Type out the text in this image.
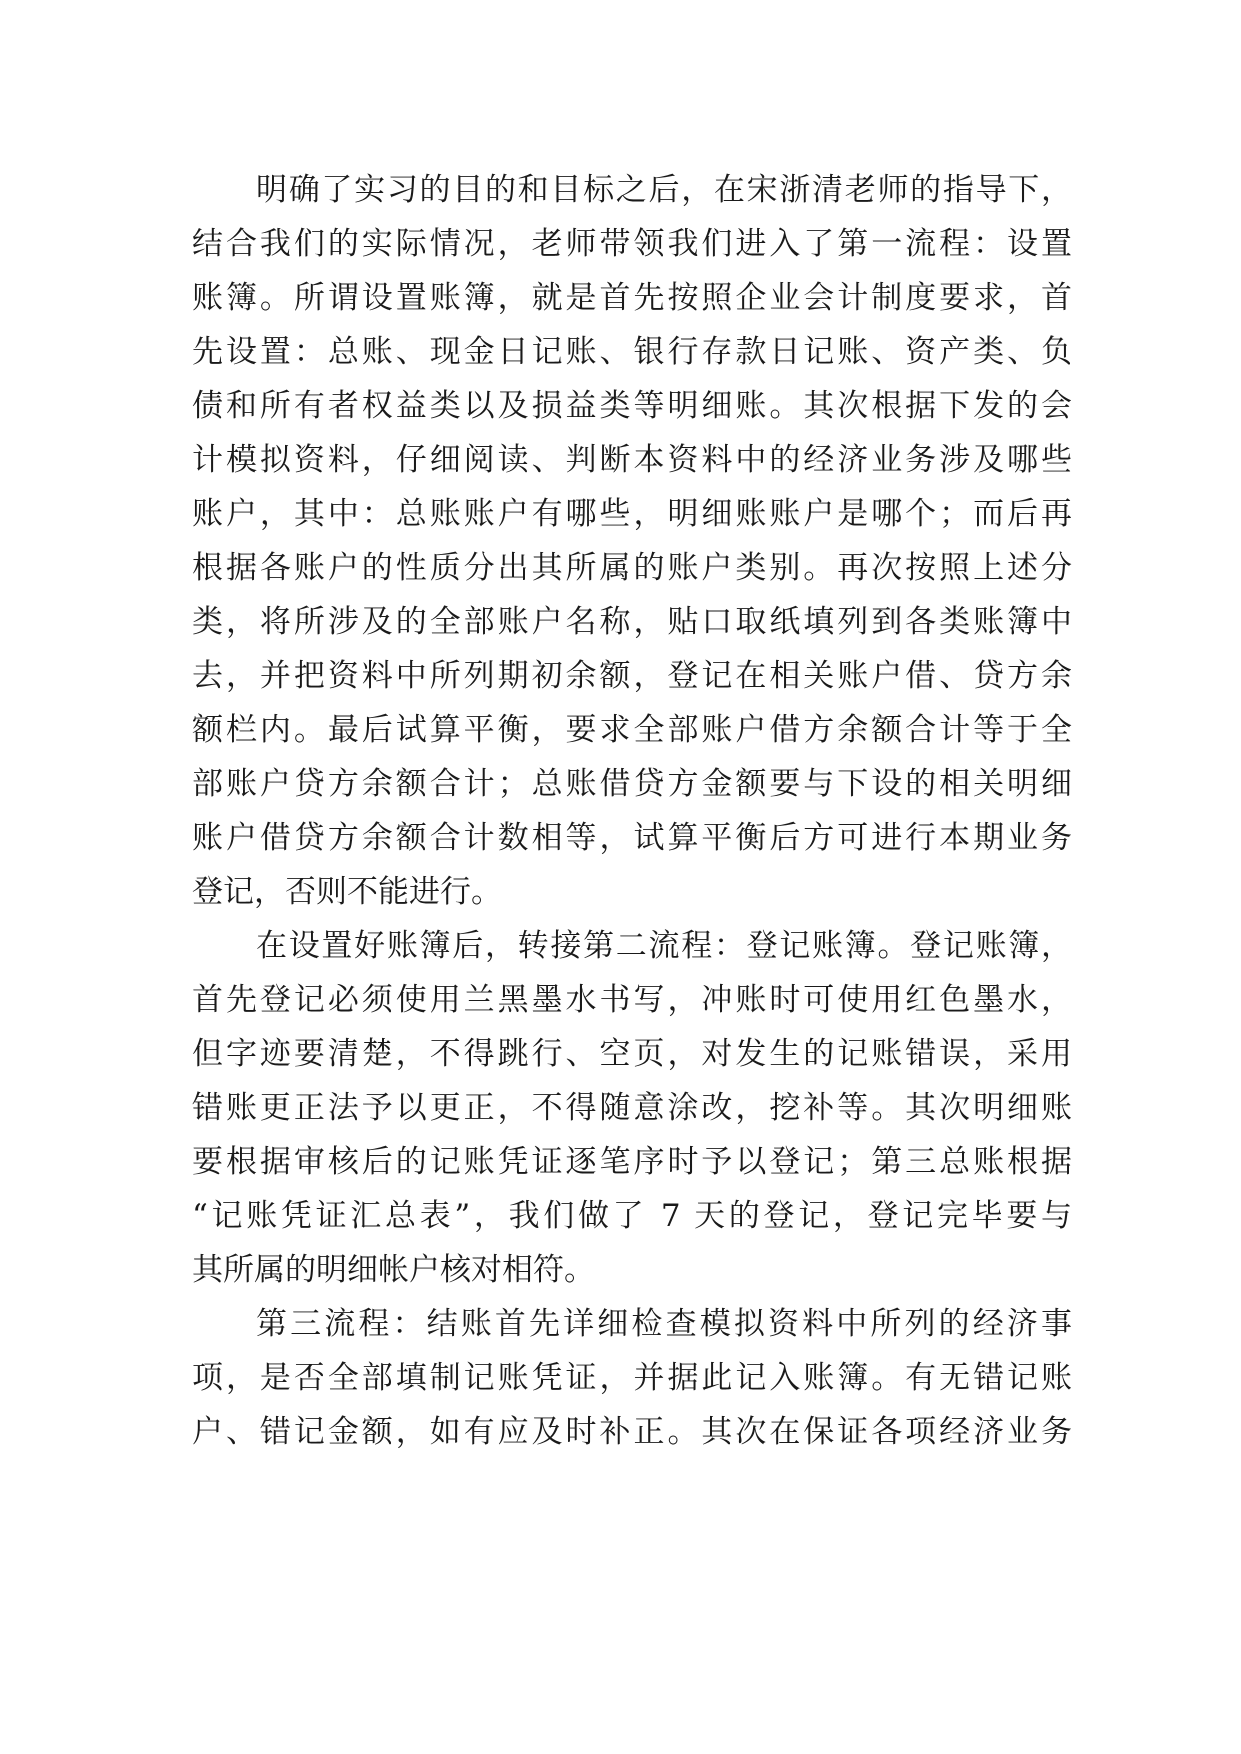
明确了实习的目的和目标之后，在宋浙清老师的指导下，
结合我们的实际情况，老师带领我们进入了第一流程：设置
账簿。所谓设置账簿，就是首先按照企业会计制度要求，首
先设置：总账、现金日记账、银行存款日记账、资产类、负
债和所有者权益类以及损益类等明细账。其次根据下发的会
计模拟资料，仔细阅读、判断本资料中的经济业务涉及哪些
账户，其中：总账账户有哪些，明细账账户是哪个；而后再
根据各账户的性质分出其所属的账户类别。再次按照上述分
类，将所涉及的全部账户名称，贴口取纸填列到各类账簿中
去，并把资料中所列期初余额，登记在相关账户借、贷方余
额栏内。最后试算平衡，要求全部账户借方余额合计等于全
部账户贷方余额合计；总账借贷方金额要与下设的相关明细
账户借贷方余额合计数相等，试算平衡后方可进行本期业务
登记，否则不能进行。
在设置好账簿后，转接第二流程：登记账簿。登记账簿，
首先登记必须使用兰黑墨水书写，冲账时可使用红色墨水，
但字迹要清楚，不得跳行、空页，对发生的记账错误，采用
错账更正法予以更正，不得随意涂改，挖补等。其次明细账
要根据审核后的记账凭证逐笔序时予以登记；第三总账根据
“记账凭证汇总表”，我们做了 7 天的登记，登记完毕要与
其所属的明细帐户核对相符。
第三流程：结账首先详细检查模拟资料中所列的经济事
项，是否全部填制记账凭证，并据此记入账簿。有无错记账
户、错记金额，如有应及时补正。其次在保证各项经济业务
